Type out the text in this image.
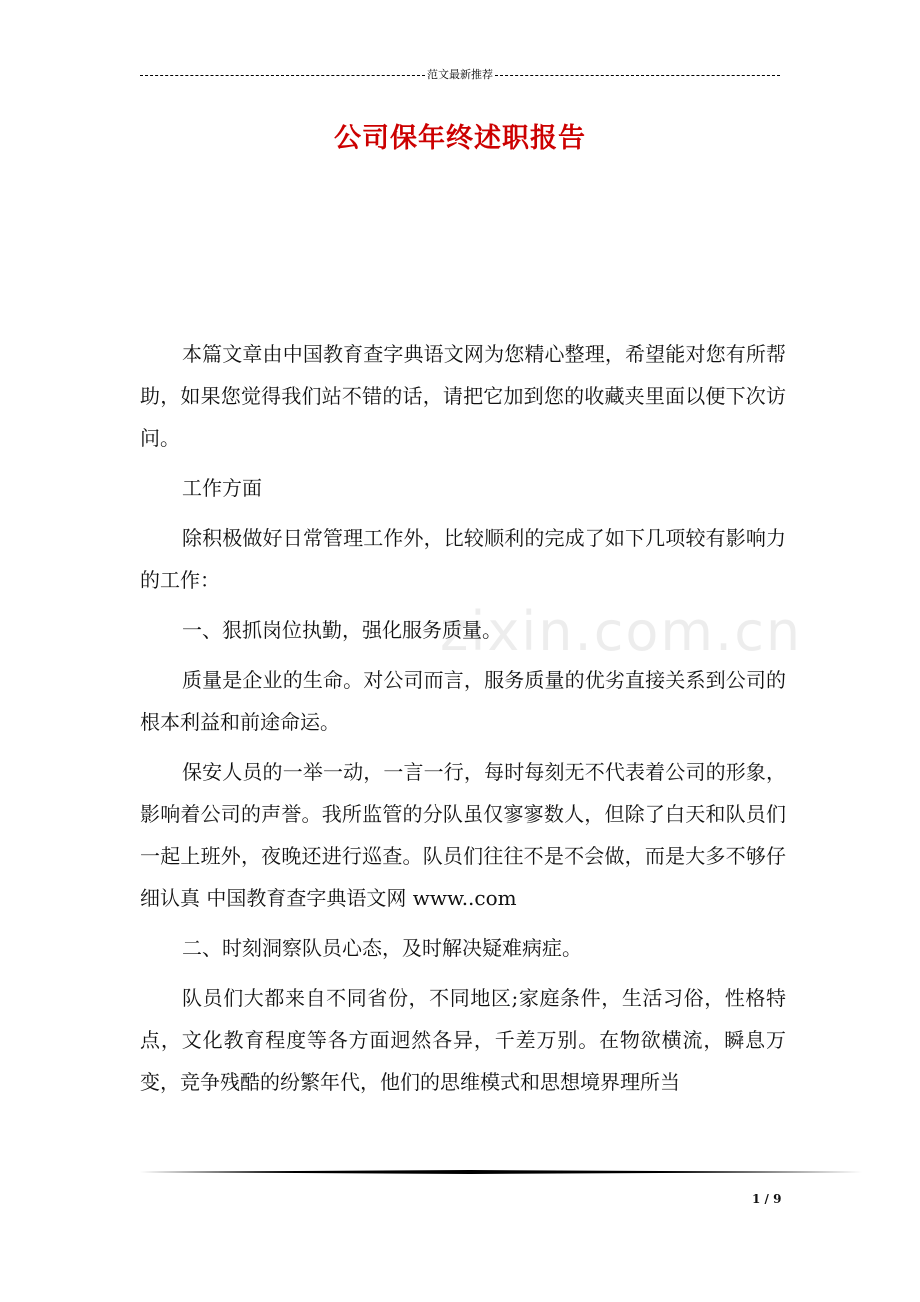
范文最新推荐
公司保年终述职报告

本篇文章由中国教育查字典语文网为您精心整理，希望能对您有所帮助，如果您觉得我们站不错的话，请把它加到您的收藏夹里面以便下次访问。

工作方面

除积极做好日常管理工作外，比较顺利的完成了如下几项较有影响力的工作：

一、狠抓岗位执勤，强化服务质量。

质量是企业的生命。对公司而言，服务质量的优劣直接关系到公司的根本利益和前途命运。

保安人员的一举一动，一言一行，每时每刻无不代表着公司的形象，影响着公司的声誉。我所监管的分队虽仅寥寥数人，但除了白天和队员们一起上班外，夜晚还进行巡查。队员们往往不是不会做，而是大多不够仔细认真 中国教育查字典语文网 www..com

二、时刻洞察队员心态，及时解决疑难病症。

队员们大都来自不同省份，不同地区;家庭条件，生活习俗，性格特点，文化教育程度等各方面迥然各异，千差万别。在物欲横流，瞬息万变，竞争残酷的纷繁年代，他们的思维模式和思想境界理所当

zixin.com.cn
1 / 9
